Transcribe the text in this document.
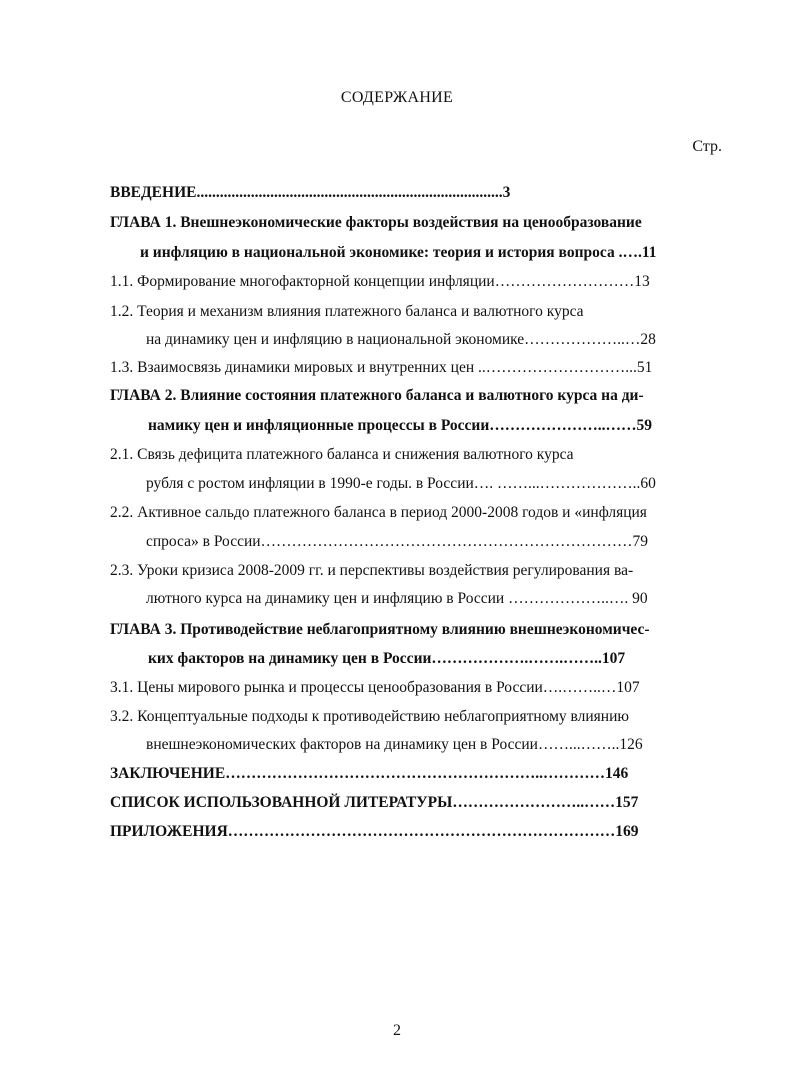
СОДЕРЖАНИЕ
Стр.

ВВЕДЕНИЕ...............................................................................3

ГЛАВА 1. Внешнеэкономические факторы воздействия на ценообразование

и инфляцию в национальной экономике: теория и история вопроса .….11

1.1. Формирование многофакторной концепции инфляции………………………13

1.2. Теория и механизм влияния платежного баланса и валютного курса

на динамику цен и инфляцию в национальной экономике………………..…28

1.3. Взаимосвязь динамики мировых и внутренних цен ..………………………...51

ГЛАВА 2. Влияние состояния платежного баланса и валютного курса на ди-

намику цен и инфляционные процессы в России…………………..……59

2.1. Связь дефицита платежного баланса и снижения валютного курса

рубля с ростом инфляции в 1990-е годы. в России…. ……...………………..60

2.2. Активное сальдо платежного баланса в период 2000-2008 годов и «инфляция

спроса» в России………………………………………………………………79

2.3. Уроки кризиса 2008-2009 гг. и перспективы воздействия регулирования ва-

лютного курса на динамику цен и инфляцию в России ………………..…. 90

ГЛАВА 3. Противодействие неблагоприятному влиянию внешнеэкономичес-

ких факторов на динамику цен в России……………….…….……..107

3.1. Цены мирового рынка и процессы ценообразования в России….……..…107

3.2. Концептуальные подходы к противодействию неблагоприятному влиянию

внешнеэкономических факторов на динамику цен в России……...……..126

ЗАКЛЮЧЕНИЕ……………………………………………………..…………146

СПИСОК ИСПОЛЬЗОВАННОЙ ЛИТЕРАТУРЫ……………………..……157

ПРИЛОЖЕНИЯ…………………………………………………………………169

2
